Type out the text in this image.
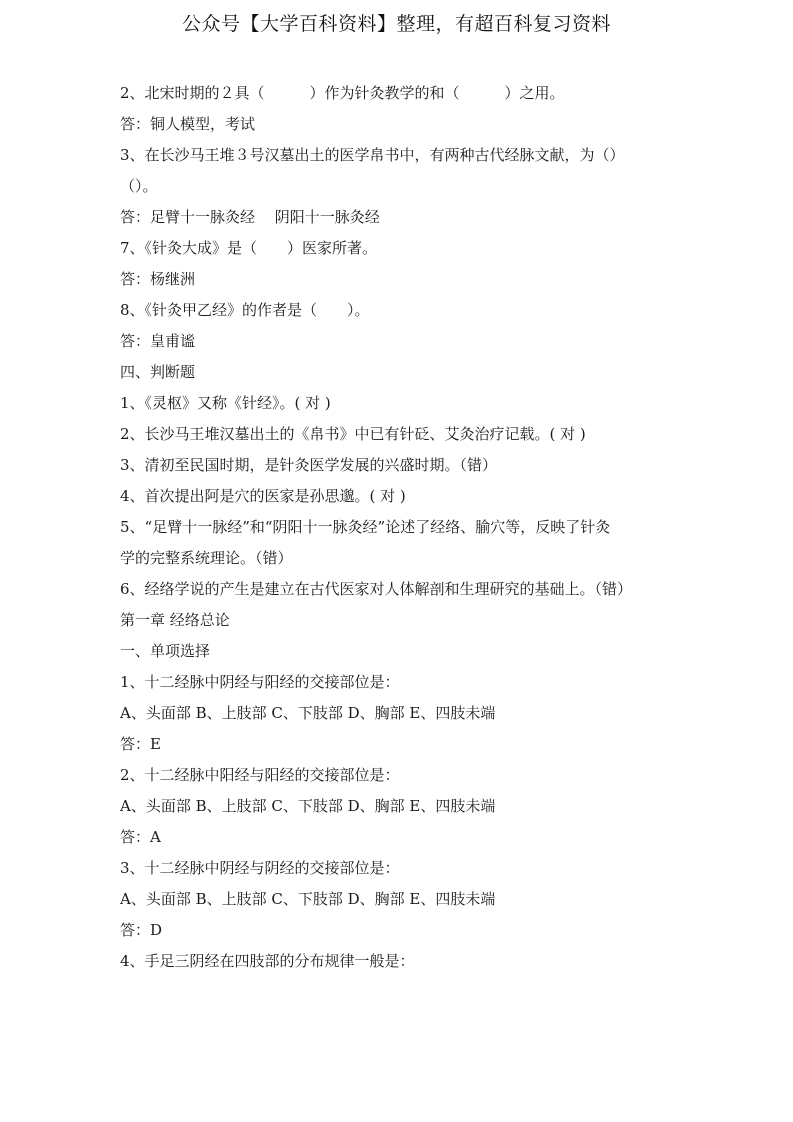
公众号【大学百科资料】整理，有超百科复习资料
2、北宋时期的２具（　　　）作为针灸教学的和（　　　）之用。
答：铜人模型，考试
3、在长沙马王堆３号汉墓出土的医学帛书中，有两种古代经脉文献，为（）
（）。
答：足臂十一脉灸经　 阴阳十一脉灸经
7、《针灸大成》是（　　）医家所著。
答：杨继洲
8、《针灸甲乙经》的作者是（　　）。
答：皇甫谧
四、判断题
1、《灵枢》又称《针经》。( 对 )
2、长沙马王堆汉墓出土的《帛书》中已有针砭、艾灸治疗记载。( 对 )
3、清初至民国时期，是针灸医学发展的兴盛时期。（错）
4、首次提出阿是穴的医家是孙思邈。( 对 )
5、“足臂十一脉经”和“阴阳十一脉灸经”论述了经络、腧穴等，反映了针灸
学的完整系统理论。（错）
6、经络学说的产生是建立在古代医家对人体解剖和生理研究的基础上。（错）
第一章 经络总论
一、单项选择
1、十二经脉中阴经与阳经的交接部位是：
A、头面部 B、上肢部 C、下肢部 D、胸部 E、四肢未端
答：E
2、十二经脉中阳经与阳经的交接部位是：
A、头面部 B、上肢部 C、下肢部 D、胸部 E、四肢未端
答：A
3、十二经脉中阴经与阴经的交接部位是：
A、头面部 B、上肢部 C、下肢部 D、胸部 E、四肢未端
答：D
4、手足三阴经在四肢部的分布规律一般是：
